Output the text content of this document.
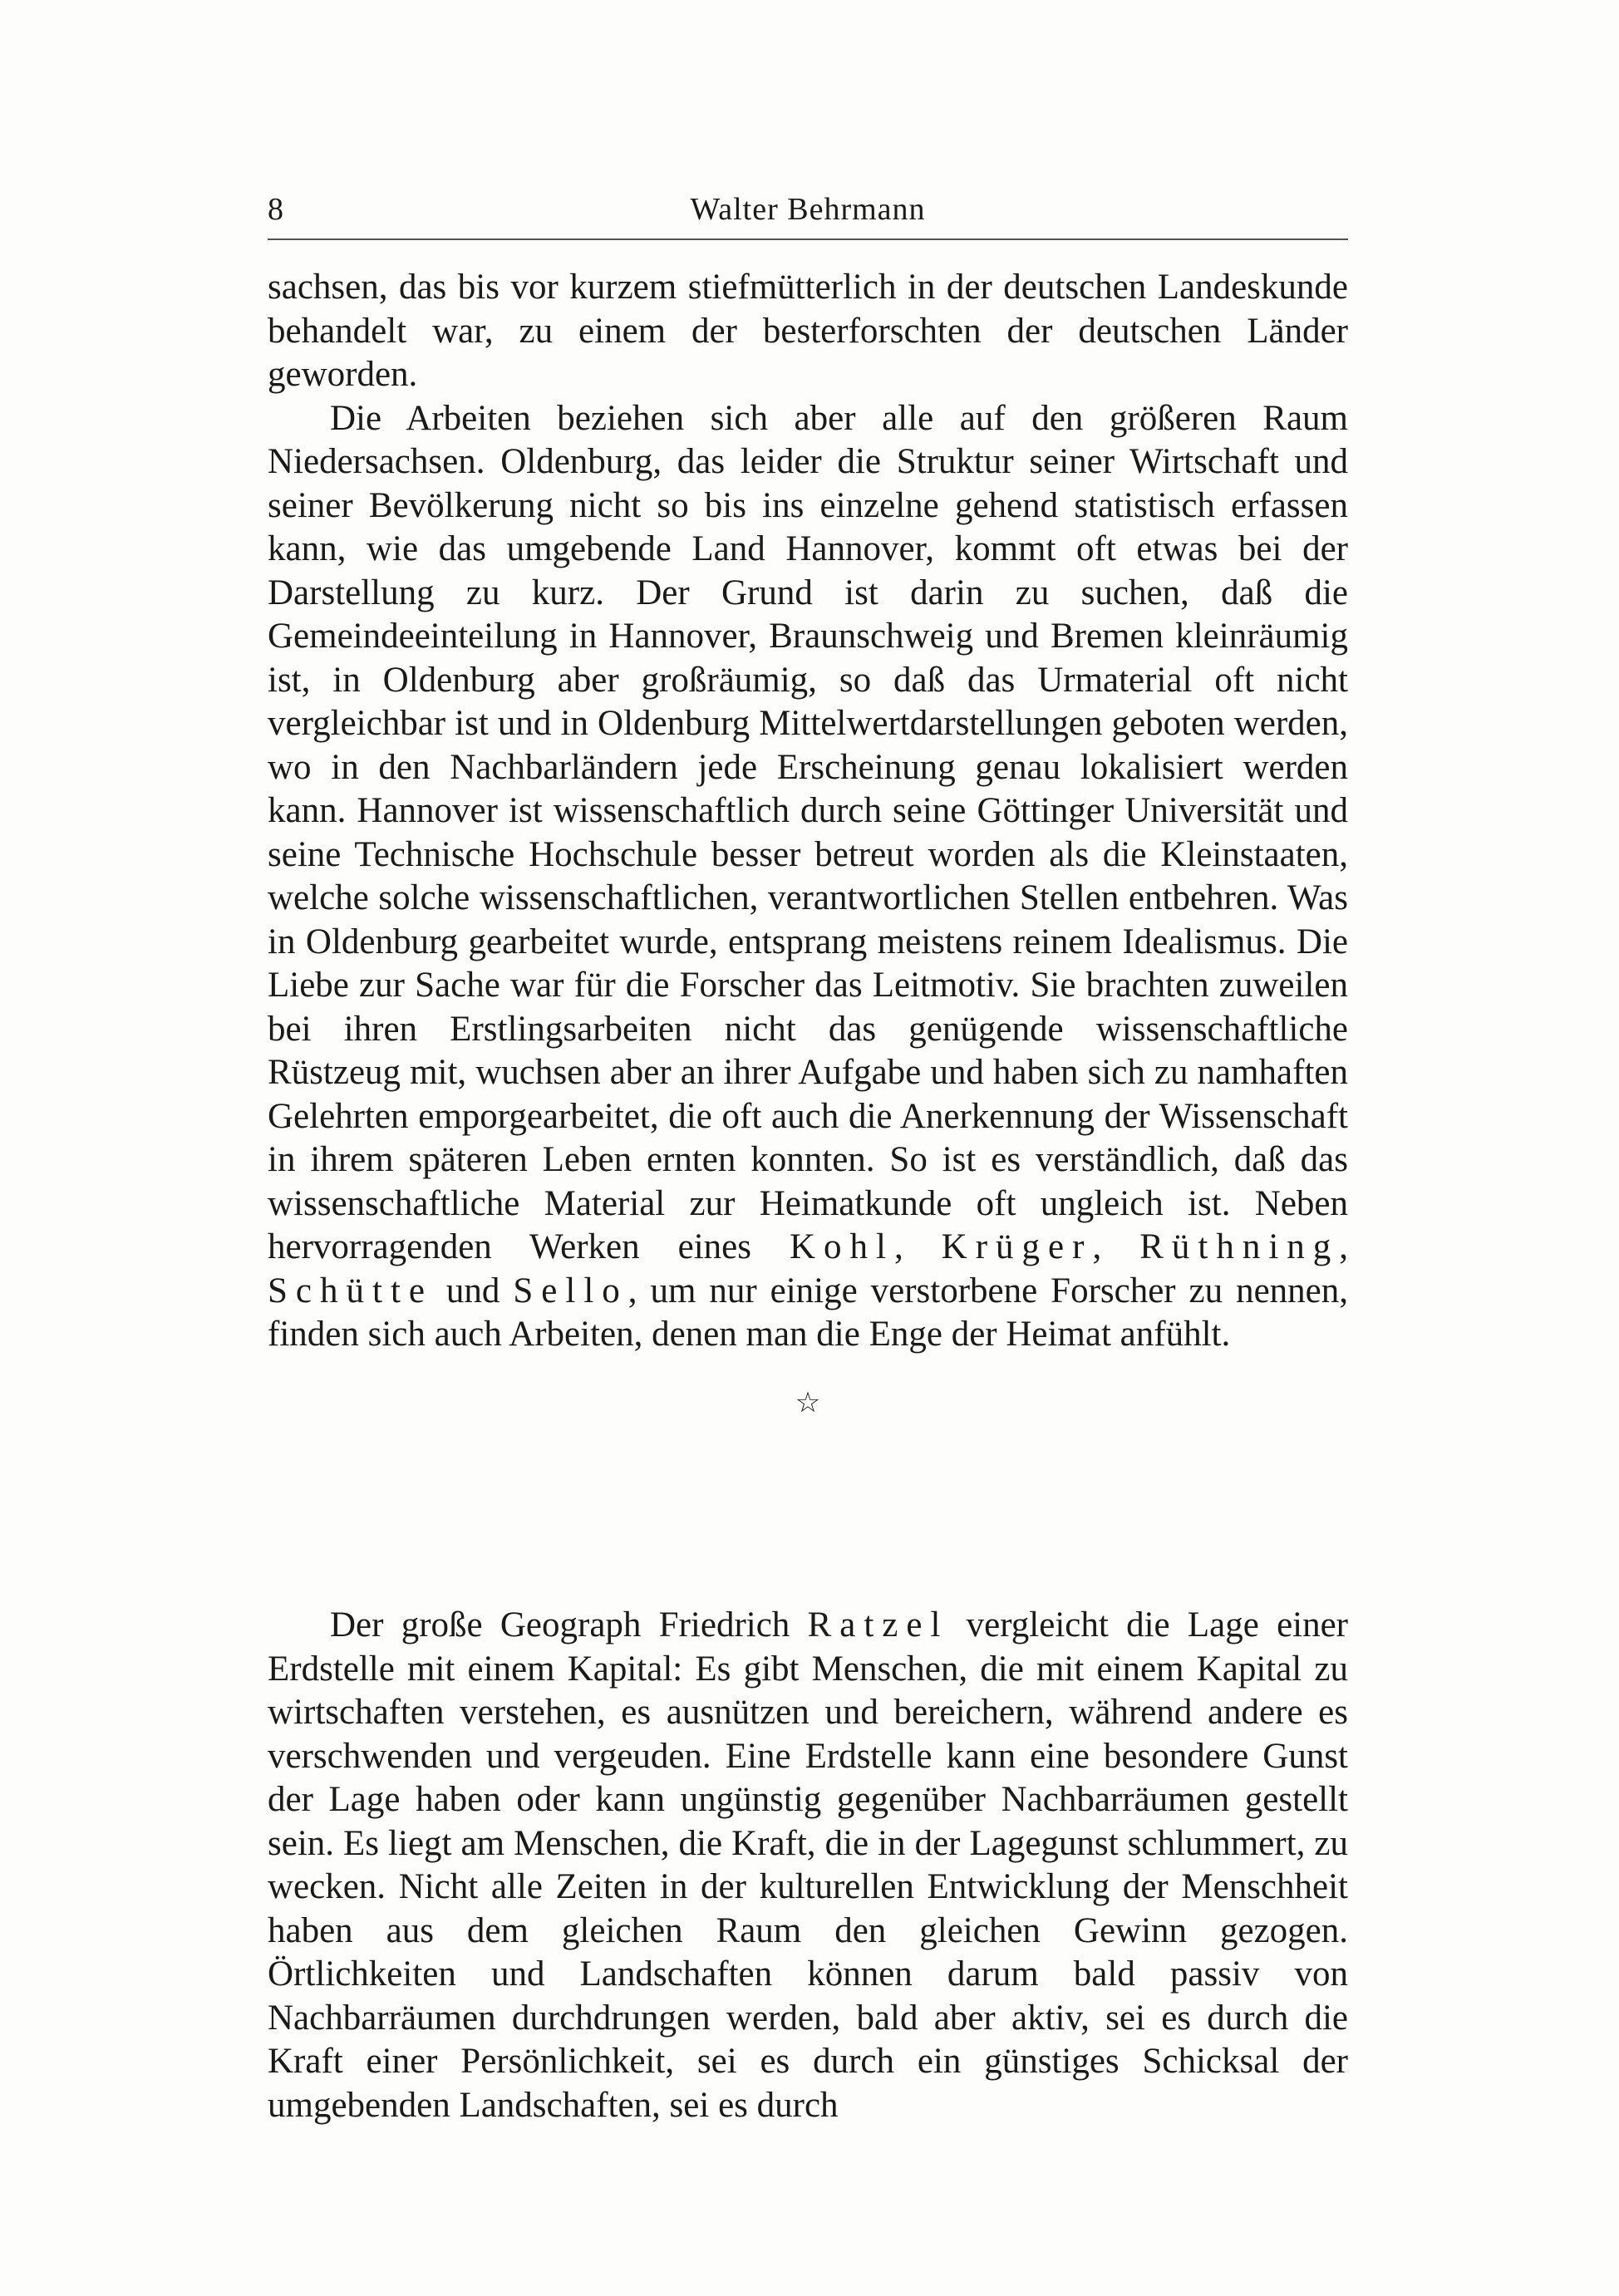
8	Walter Behrmann

sachsen, das bis vor kurzem stiefmütterlich in der deutschen Landeskunde behandelt war, zu einem der besterforschten der deutschen Länder geworden.

Die Arbeiten beziehen sich aber alle auf den größeren Raum Niedersachsen. Oldenburg, das leider die Struktur seiner Wirtschaft und seiner Bevölkerung nicht so bis ins einzelne gehend statistisch erfassen kann, wie das umgebende Land Hannover, kommt oft etwas bei der Darstellung zu kurz. Der Grund ist darin zu suchen, daß die Gemeindeeinteilung in Hannover, Braunschweig und Bremen kleinräumig ist, in Oldenburg aber großräumig, so daß das Urmaterial oft nicht vergleichbar ist und in Oldenburg Mittelwertdarstellungen geboten werden, wo in den Nachbarländern jede Erscheinung genau lokalisiert werden kann. Hannover ist wissenschaftlich durch seine Göttinger Universität und seine Technische Hochschule besser betreut worden als die Kleinstaaten, welche solche wissenschaftlichen, verantwortlichen Stellen entbehren. Was in Oldenburg gearbeitet wurde, entsprang meistens reinem Idealismus. Die Liebe zur Sache war für die Forscher das Leitmotiv. Sie brachten zuweilen bei ihren Erstlingsarbeiten nicht das genügende wissenschaftliche Rüstzeug mit, wuchsen aber an ihrer Aufgabe und haben sich zu namhaften Gelehrten emporgearbeitet, die oft auch die Anerkennung der Wissenschaft in ihrem späteren Leben ernten konnten. So ist es verständlich, daß das wissenschaftliche Material zur Heimatkunde oft ungleich ist. Neben hervorragenden Werken eines Kohl, Krüger, Rüthning, Schütte und Sello, um nur einige verstorbene Forscher zu nennen, finden sich auch Arbeiten, denen man die Enge der Heimat anfühlt.

☆

Der große Geograph Friedrich Ratzel vergleicht die Lage einer Erdstelle mit einem Kapital: Es gibt Menschen, die mit einem Kapital zu wirtschaften verstehen, es ausnützen und bereichern, während andere es verschwenden und vergeuden. Eine Erdstelle kann eine besondere Gunst der Lage haben oder kann ungünstig gegenüber Nachbarräumen gestellt sein. Es liegt am Menschen, die Kraft, die in der Lagegunst schlummert, zu wecken. Nicht alle Zeiten in der kulturellen Entwicklung der Menschheit haben aus dem gleichen Raum den gleichen Gewinn gezogen. Örtlichkeiten und Landschaften können darum bald passiv von Nachbarräumen durchdrungen werden, bald aber aktiv, sei es durch die Kraft einer Persönlichkeit, sei es durch ein günstiges Schicksal der umgebenden Landschaften, sei es durch
